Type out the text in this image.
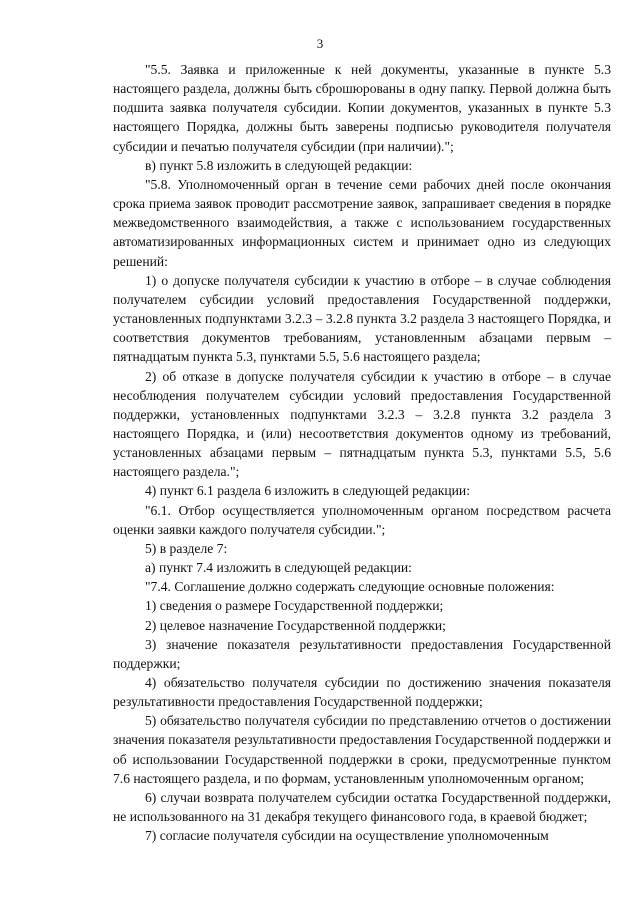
3

"5.5. Заявка и приложенные к ней документы, указанные в пункте 5.3 настоящего раздела, должны быть сброшюрованы в одну папку. Первой должна быть подшита заявка получателя субсидии. Копии документов, указанных в пункте 5.3 настоящего Порядка, должны быть заверены подписью руководителя получателя субсидии и печатью получателя субсидии (при наличии).";

в) пункт 5.8 изложить в следующей редакции:

"5.8. Уполномоченный орган в течение семи рабочих дней после окончания срока приема заявок проводит рассмотрение заявок, запрашивает сведения в порядке межведомственного взаимодействия, а также с использованием государственных автоматизированных информационных систем и принимает одно из следующих решений:

1) о допуске получателя субсидии к участию в отборе – в случае соблюдения получателем субсидии условий предоставления Государственной поддержки, установленных подпунктами 3.2.3 – 3.2.8 пункта 3.2 раздела 3 настоящего Порядка, и соответствия документов требованиям, установленным абзацами первым – пятнадцатым пункта 5.3, пунктами 5.5, 5.6 настоящего раздела;

2) об отказе в допуске получателя субсидии к участию в отборе – в случае несоблюдения получателем субсидии условий предоставления Государственной поддержки, установленных подпунктами 3.2.3 – 3.2.8 пункта 3.2 раздела 3 настоящего Порядка, и (или) несоответствия документов одному из требований, установленных абзацами первым – пятнадцатым пункта 5.3, пунктами 5.5, 5.6 настоящего раздела.";

4) пункт 6.1 раздела 6 изложить в следующей редакции:

"6.1. Отбор осуществляется уполномоченным органом посредством расчета оценки заявки каждого получателя субсидии.";

5) в разделе 7:

а) пункт 7.4 изложить в следующей редакции:

"7.4. Соглашение должно содержать следующие основные положения:

1) сведения о размере Государственной поддержки;

2) целевое назначение Государственной поддержки;

3) значение показателя результативности предоставления Государственной поддержки;

4) обязательство получателя субсидии по достижению значения показателя результативности предоставления Государственной поддержки;

5) обязательство получателя субсидии по представлению отчетов о достижении значения показателя результативности предоставления Государственной поддержки и об использовании Государственной поддержки в сроки, предусмотренные пунктом 7.6 настоящего раздела, и по формам, установленным уполномоченным органом;

6) случаи возврата получателем субсидии остатка Государственной поддержки, не использованного на 31 декабря текущего финансового года, в краевой бюджет;

7) согласие получателя субсидии на осуществление уполномоченным
